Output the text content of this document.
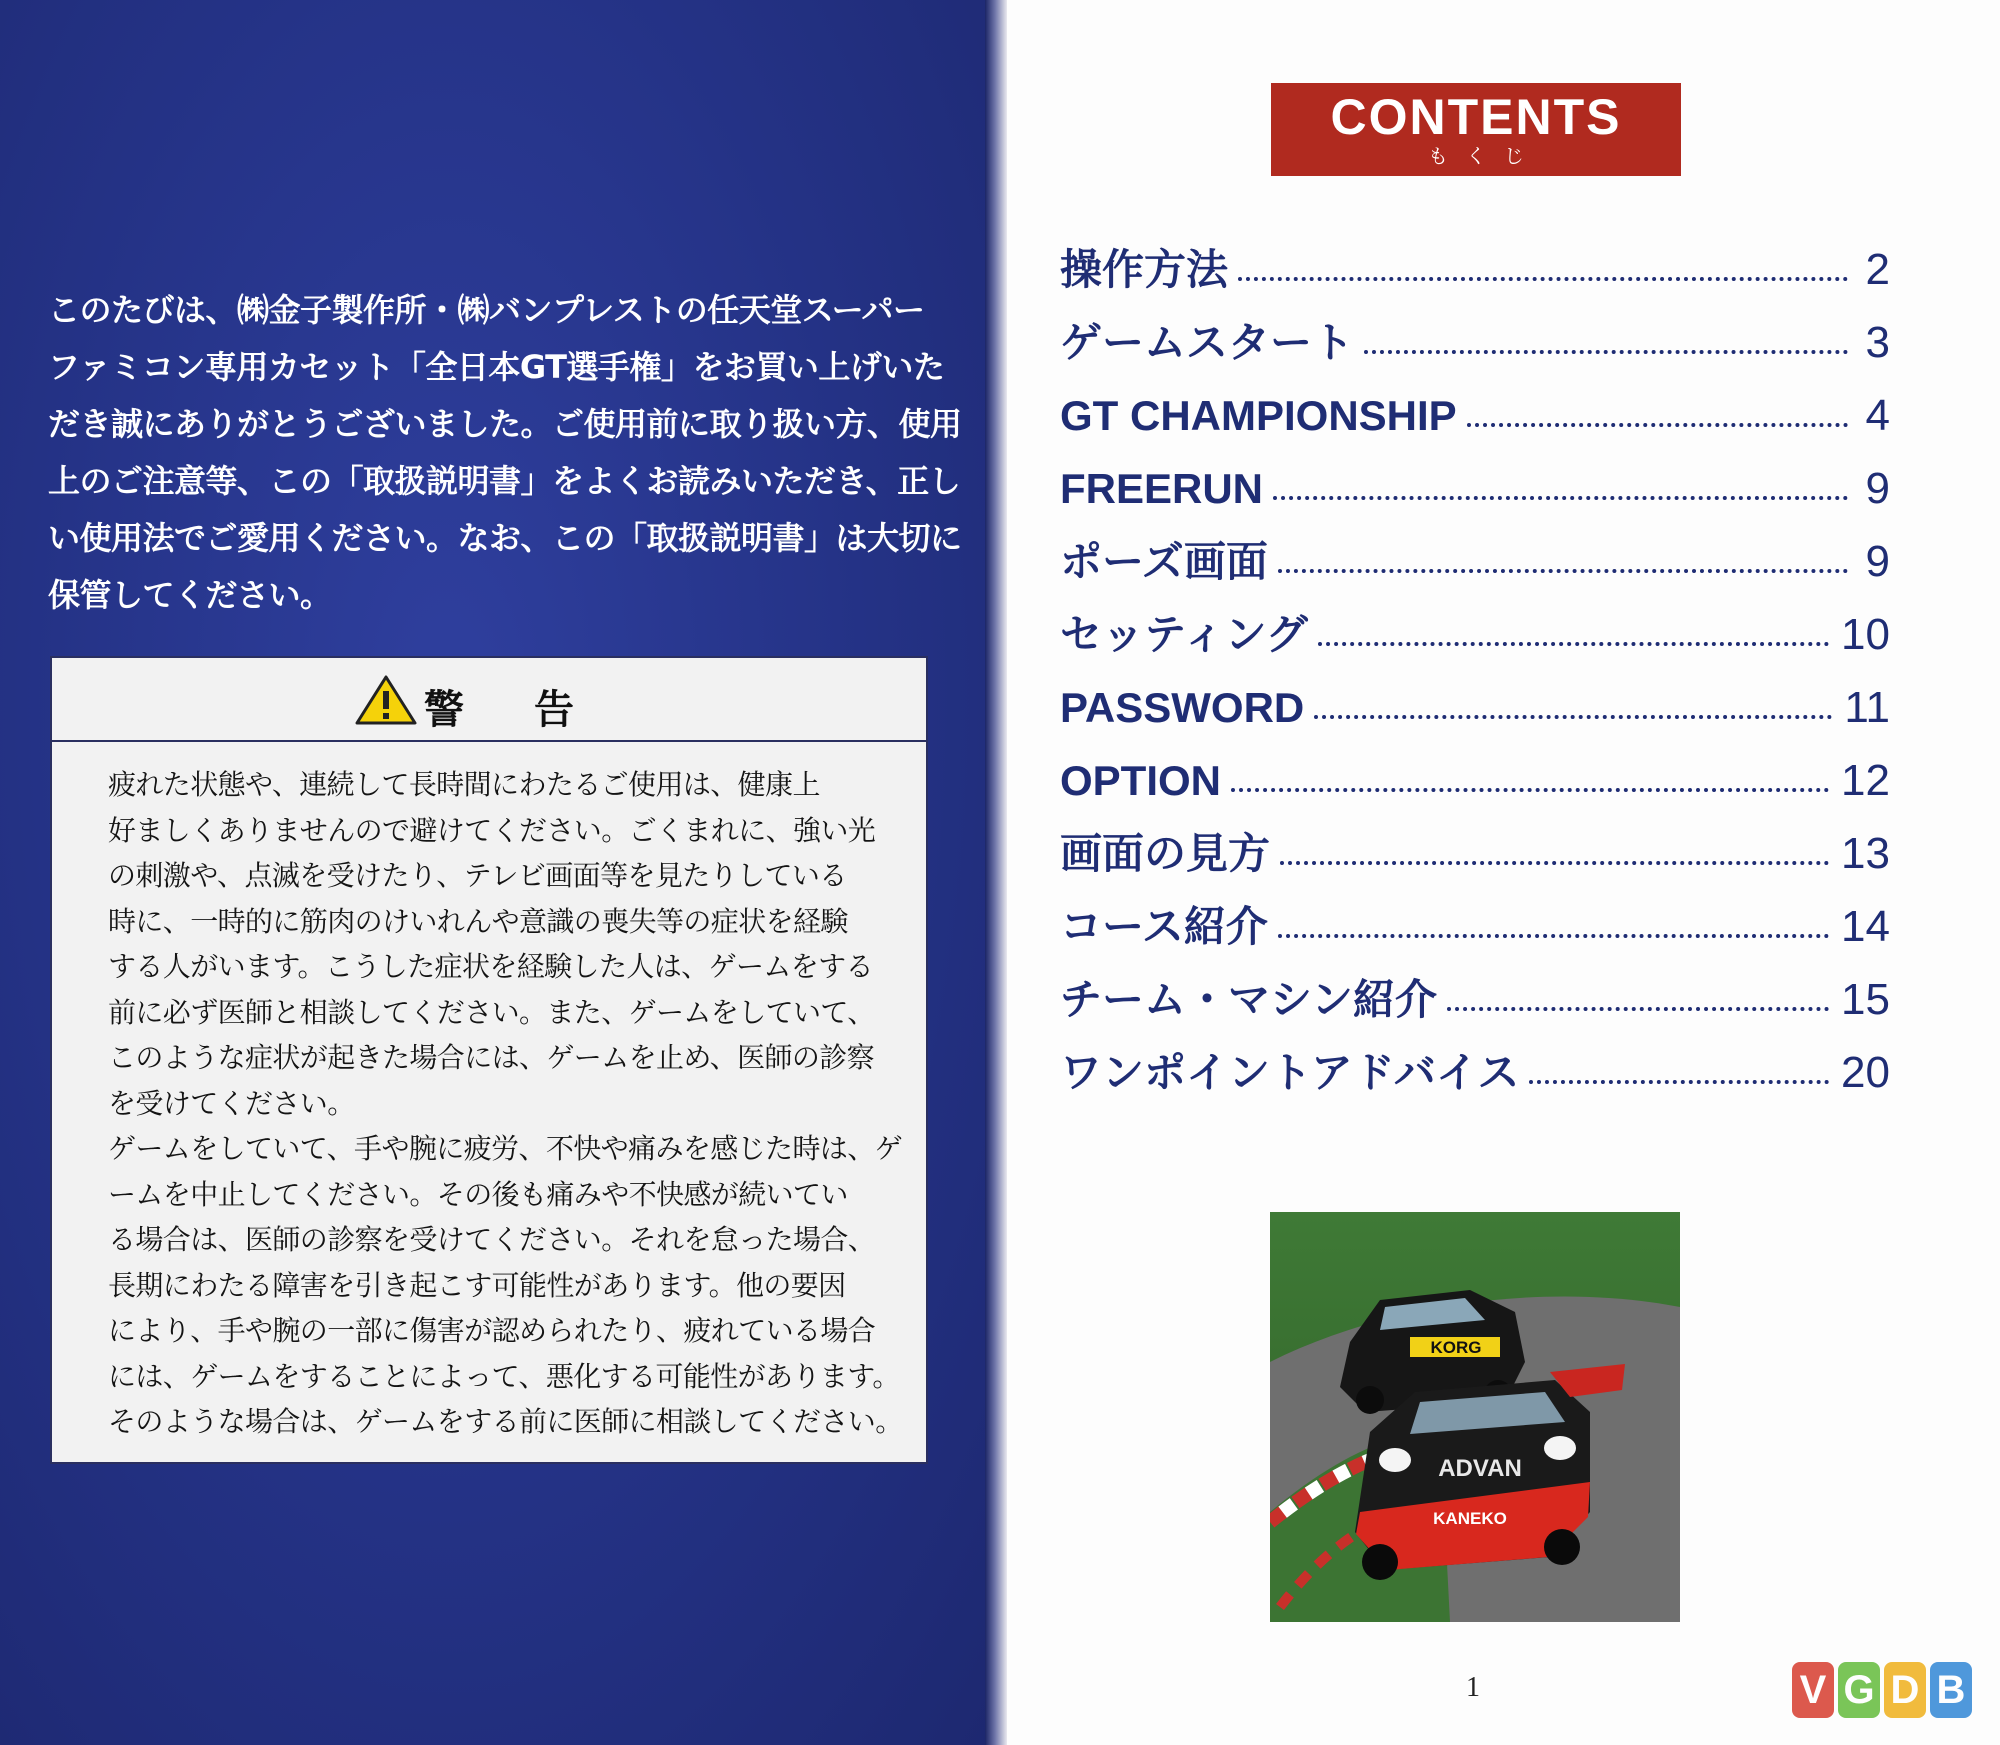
このたびは、㈱金子製作所・㈱バンプレストの任天堂スーパー
ファミコン専用カセット「全日本GT選手権」をお買い上げいた
だき誠にありがとうございました。ご使用前に取り扱い方、使用
上のご注意等、この「取扱説明書」をよくお読みいただき、正し
い使用法でご愛用ください。なお、この「取扱説明書」は大切に
保管してください。
警告
疲れた状態や、連続して長時間にわたるご使用は、健康上
好ましくありませんので避けてください。ごくまれに、強い光
の刺激や、点滅を受けたり、テレビ画面等を見たりしている
時に、一時的に筋肉のけいれんや意識の喪失等の症状を経験
する人がいます。こうした症状を経験した人は、ゲームをする
前に必ず医師と相談してください。また、ゲームをしていて、
このような症状が起きた場合には、ゲームを止め、医師の診察
を受けてください。
ゲームをしていて、手や腕に疲労、不快や痛みを感じた時は、ゲ
ームを中止してください。その後も痛みや不快感が続いてい
る場合は、医師の診察を受けてください。それを怠った場合、
長期にわたる障害を引き起こす可能性があります。他の要因
により、手や腕の一部に傷害が認められたり、疲れている場合
には、ゲームをすることによって、悪化する可能性があります。
そのような場合は、ゲームをする前に医師に相談してください。
CONTENTS
もくじ
操作方法	2
ゲームスタート	3
GT CHAMPIONSHIP	4
FREERUN	9
ポーズ画面	9
セッティング	10
PASSWORD	11
OPTION	12
画面の見方	13
コース紹介	14
チーム・マシン紹介	15
ワンポイントアドバイス	20
KORG
ADVAN
KANEKO
1	V G D B
